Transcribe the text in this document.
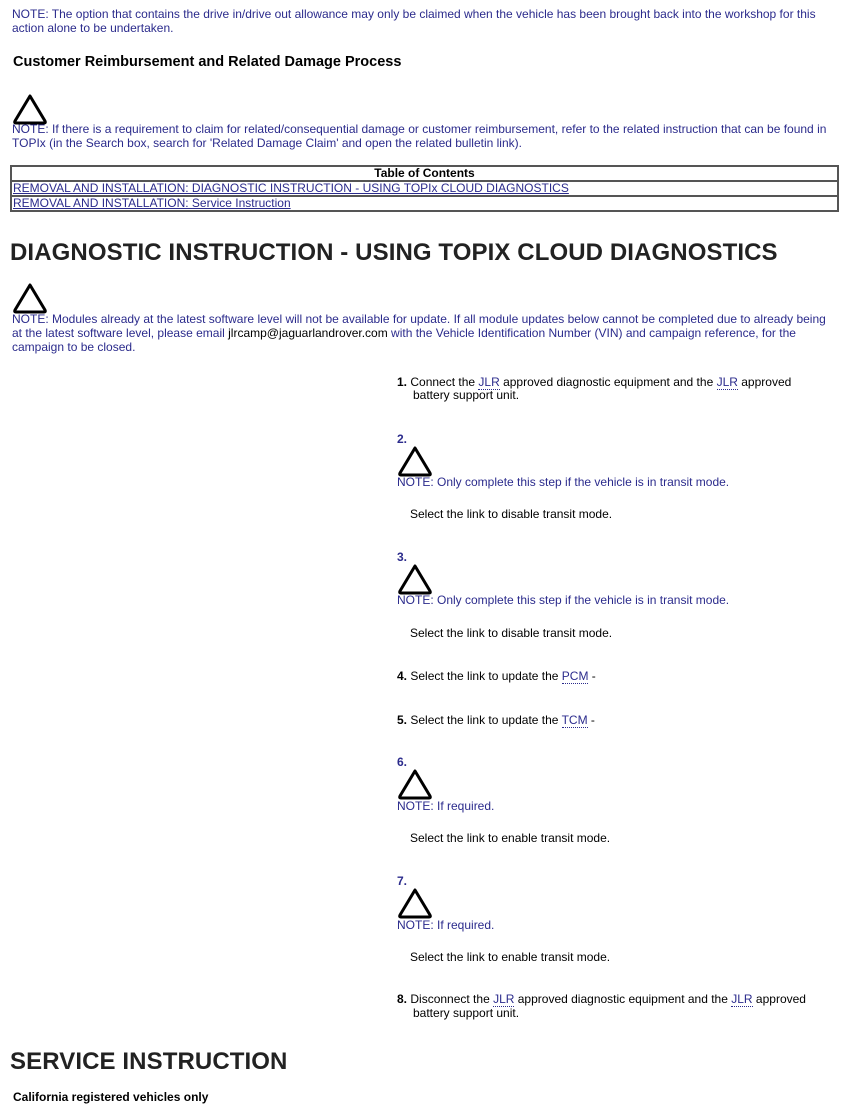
NOTE: The option that contains the drive in/drive out allowance may only be claimed when the vehicle has been brought back into the workshop for this action alone to be undertaken.
Customer Reimbursement and Related Damage Process
NOTE: If there is a requirement to claim for related/consequential damage or customer reimbursement, refer to the related instruction that can be found in TOPIx (in the Search box, search for 'Related Damage Claim' and open the related bulletin link).
Table of Contents
REMOVAL AND INSTALLATION: DIAGNOSTIC INSTRUCTION - USING TOPIx CLOUD DIAGNOSTICS
REMOVAL AND INSTALLATION: Service Instruction
DIAGNOSTIC INSTRUCTION - USING TOPIX CLOUD DIAGNOSTICS
NOTE: Modules already at the latest software level will not be available for update. If all module updates below cannot be completed due to already being at the latest software level, please email jlrcamp@jaguarlandrover.com with the Vehicle Identification Number (VIN) and campaign reference, for the campaign to be closed.
1. Connect the JLR approved diagnostic equipment and the JLR approved
battery support unit.
2.
NOTE: Only complete this step if the vehicle is in transit mode.
Select the link to disable transit mode.
3.
NOTE: Only complete this step if the vehicle is in transit mode.
Select the link to disable transit mode.
4. Select the link to update the PCM -
5. Select the link to update the TCM -
6.
NOTE: If required.
Select the link to enable transit mode.
7.
NOTE: If required.
Select the link to enable transit mode.
8. Disconnect the JLR approved diagnostic equipment and the JLR approved
battery support unit.
SERVICE INSTRUCTION
California registered vehicles only
